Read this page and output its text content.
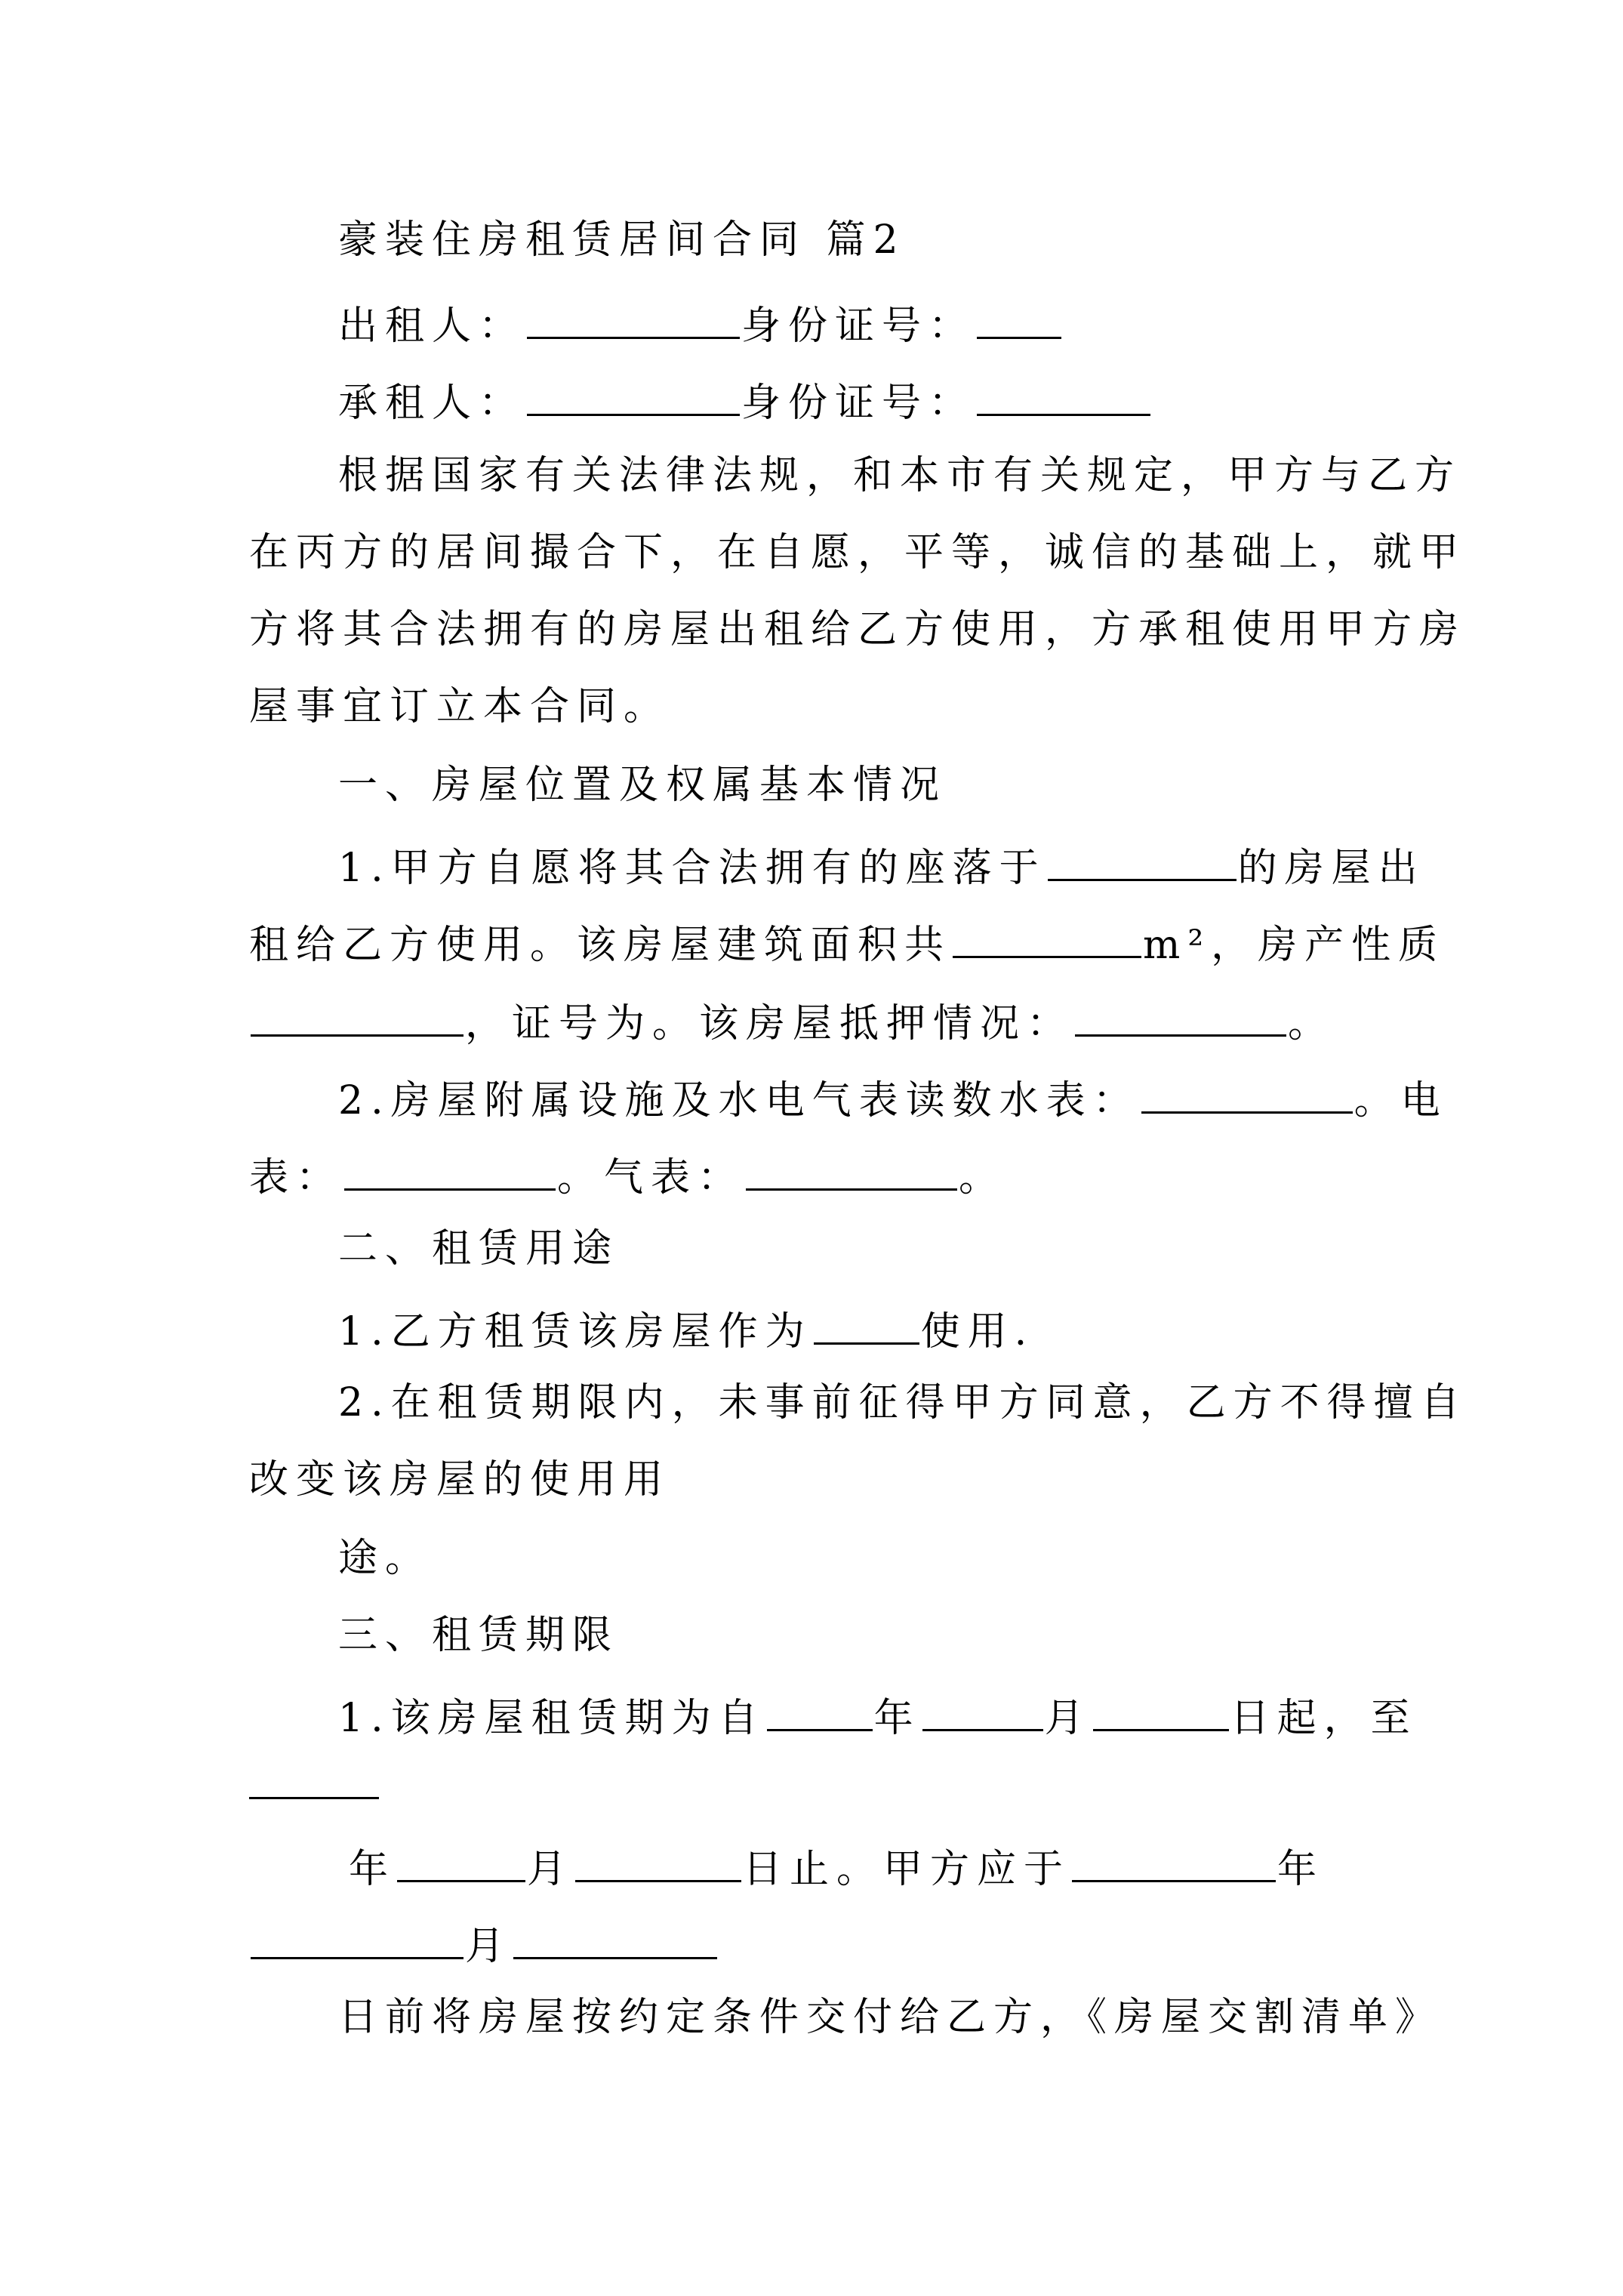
豪装住房租赁居间合同 篇2
出租人：	身份证号：
承租人：	身份证号：
根据国家有关法律法规，和本市有关规定，甲方与乙方
在丙方的居间撮合下，在自愿，平等，诚信的基础上，就甲
方将其合法拥有的房屋出租给乙方使用，方承租使用甲方房
屋事宜订立本合同。
一、房屋位置及权属基本情况
1.甲方自愿将其合法拥有的座落于	的房屋出
租给乙方使用。该房屋建筑面积共	m²，房产性质
，证号为。该房屋抵押情况：	。
2.房屋附属设施及水电气表读数水表：	。电
表：	。气表：	。
二、租赁用途
1.乙方租赁该房屋作为	使用.
2.在租赁期限内，未事前征得甲方同意，乙方不得擅自
改变该房屋的使用用
途。
三、租赁期限
1.该房屋租赁期为自	年	月	日起，至
年	月	日止。甲方应于	年
月
日前将房屋按约定条件交付给乙方，《房屋交割清单》
